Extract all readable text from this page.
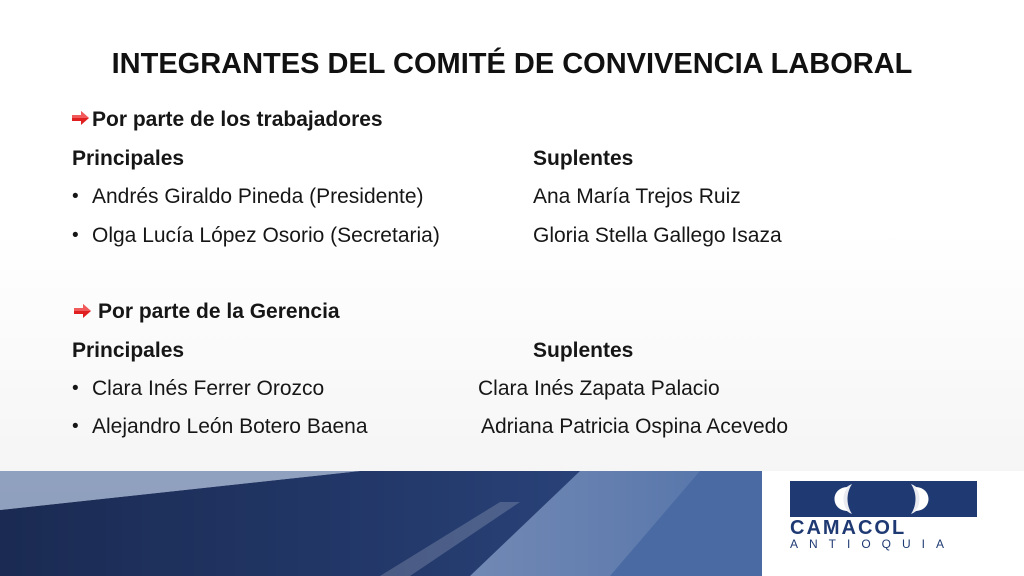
INTEGRANTES DEL COMITÉ DE CONVIVENCIA LABORAL
Por parte de los trabajadores
Principales	Suplentes
• Andrés Giraldo Pineda (Presidente)	Ana María Trejos Ruiz
• Olga Lucía López Osorio (Secretaria)	Gloria Stella Gallego Isaza
Por parte de la Gerencia
Principales	Suplentes
• Clara Inés Ferrer Orozco	Clara Inés Zapata Palacio
• Alejandro León Botero Baena	Adriana Patricia Ospina Acevedo
CAMACOL
ANTIOQUIA
